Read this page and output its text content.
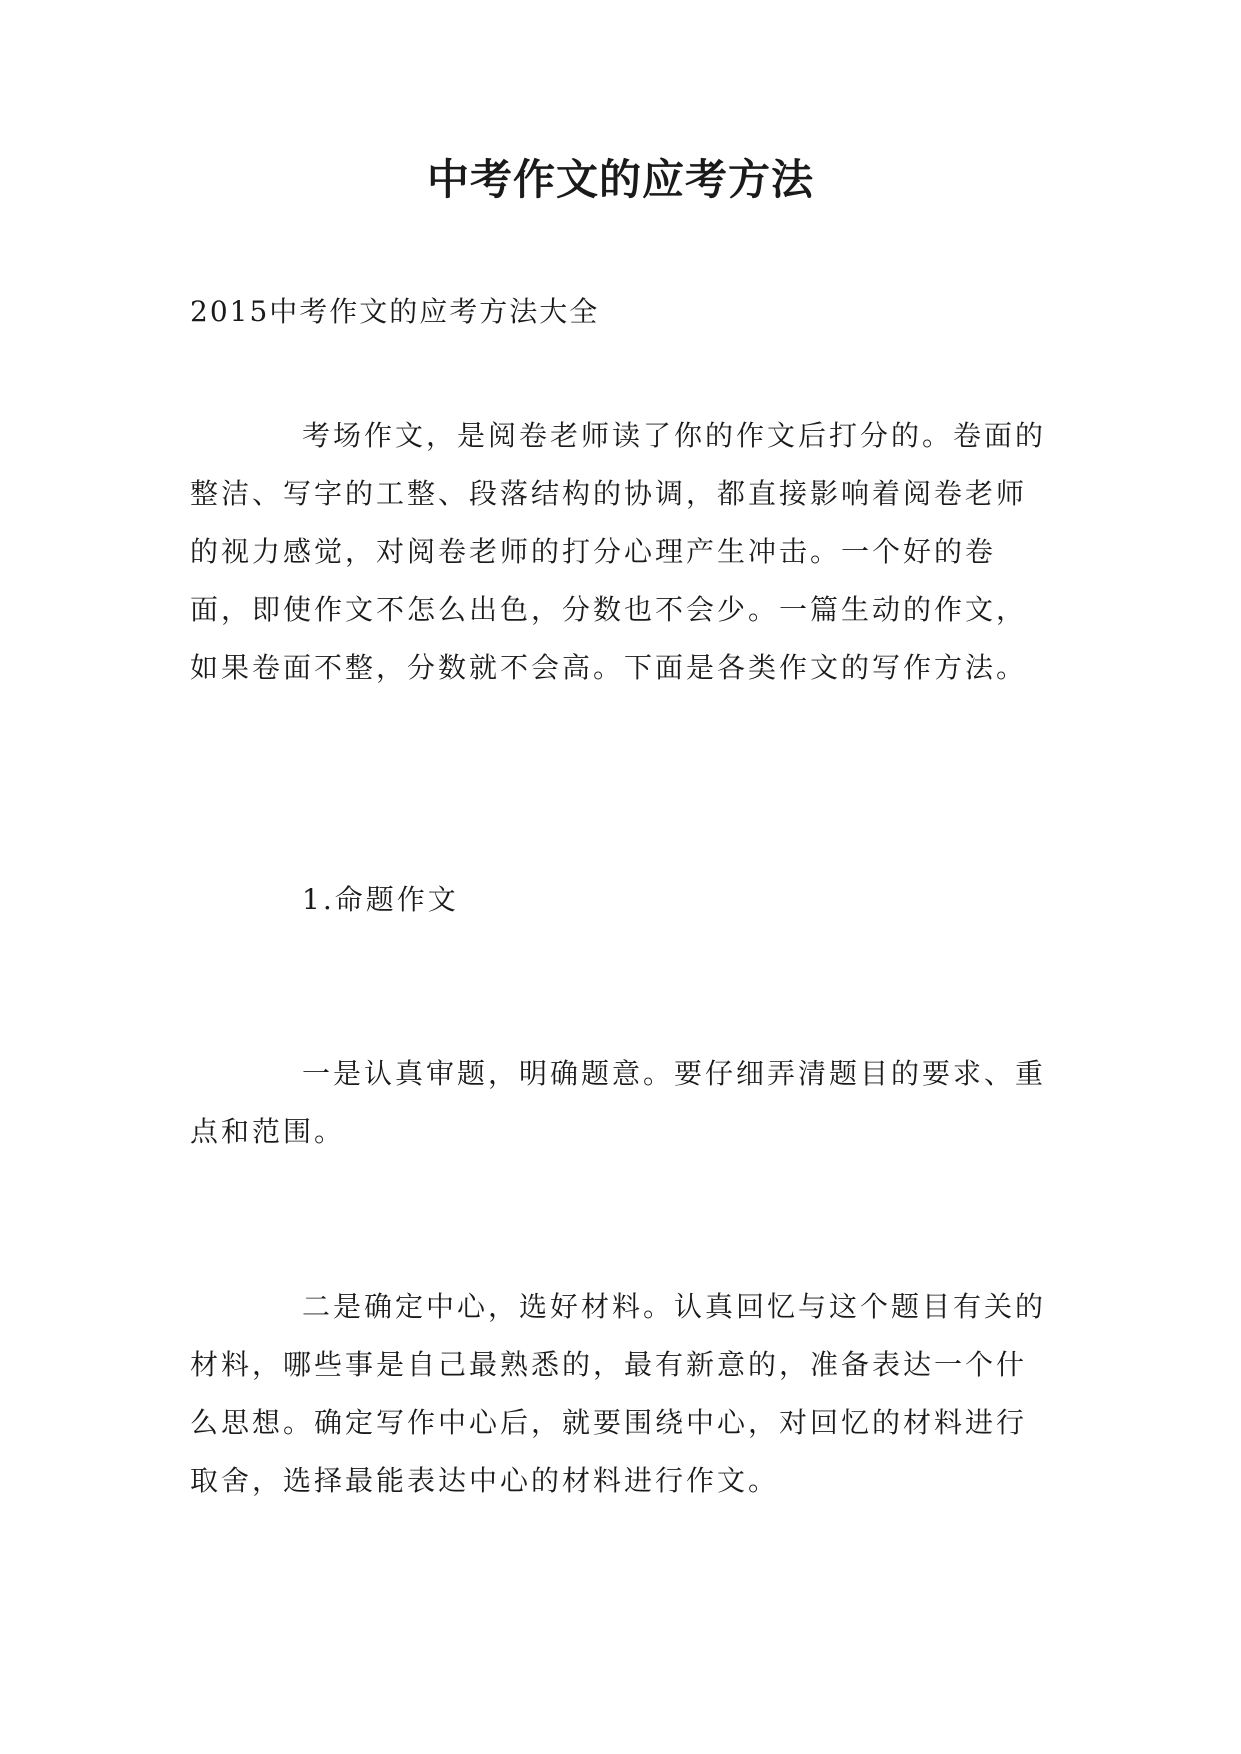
中考作文的应考方法

2015中考作文的应考方法大全

考场作文，是阅卷老师读了你的作文后打分的。卷面的整洁、写字的工整、段落结构的协调，都直接影响着阅卷老师的视力感觉，对阅卷老师的打分心理产生冲击。一个好的卷面，即使作文不怎么出色，分数也不会少。一篇生动的作文，如果卷面不整，分数就不会高。下面是各类作文的写作方法。

1.命题作文

一是认真审题，明确题意。要仔细弄清题目的要求、重点和范围。

二是确定中心，选好材料。认真回忆与这个题目有关的材料，哪些事是自己最熟悉的，最有新意的，准备表达一个什么思想。确定写作中心后，就要围绕中心，对回忆的材料进行取舍，选择最能表达中心的材料进行作文。
